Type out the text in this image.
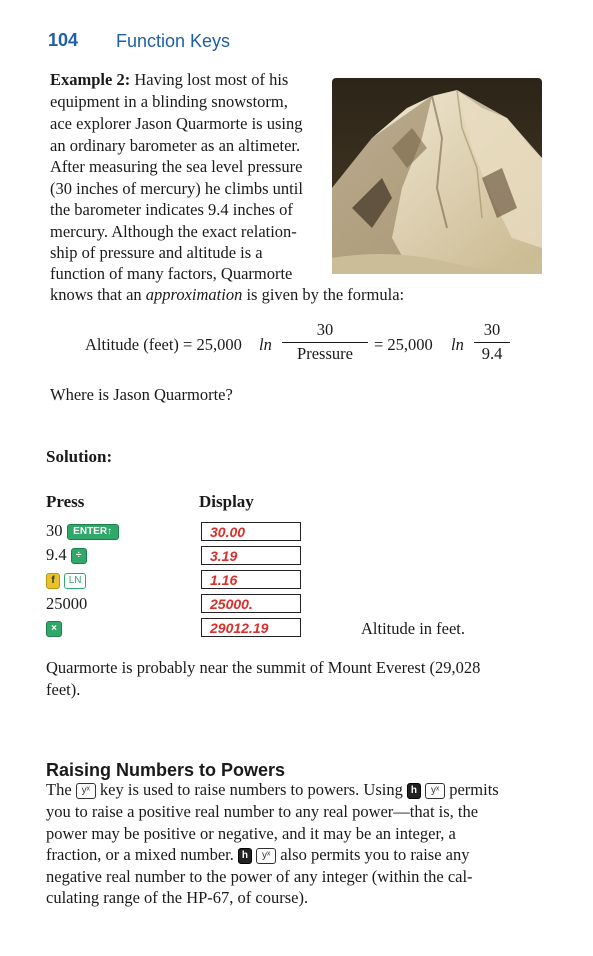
104 Function Keys
Example 2: Having lost most of his
equipment in a blinding snowstorm,
ace explorer Jason Quarmorte is using
an ordinary barometer as an altimeter.
After measuring the sea level pressure
(30 inches of mercury) he climbs until
the barometer indicates 9.4 inches of
mercury. Although the exact relation-
ship of pressure and altitude is a
function of many factors, Quarmorte
knows that an approximation is given by the formula:
Altitude (feet) = 25,000 ln
30
Pressure	= 25,000 ln
30
9.4
Where is Jason Quarmorte?
Solution:
Press	Display
30 ENTER↑	30.00
9.4 ÷	3.19
f LN	1.16
25000	25000.
×	29012.19	Altitude in feet.
Quarmorte is probably near the summit of Mount Everest (29,028
feet).
Raising Numbers to Powers
The yˣ key is used to raise numbers to powers. Using h yˣ permits
you to raise a positive real number to any real power—that is, the
power may be positive or negative, and it may be an integer, a
fraction, or a mixed number. h yˣ also permits you to raise any
negative real number to the power of any integer (within the cal-
culating range of the HP-67, of course).
